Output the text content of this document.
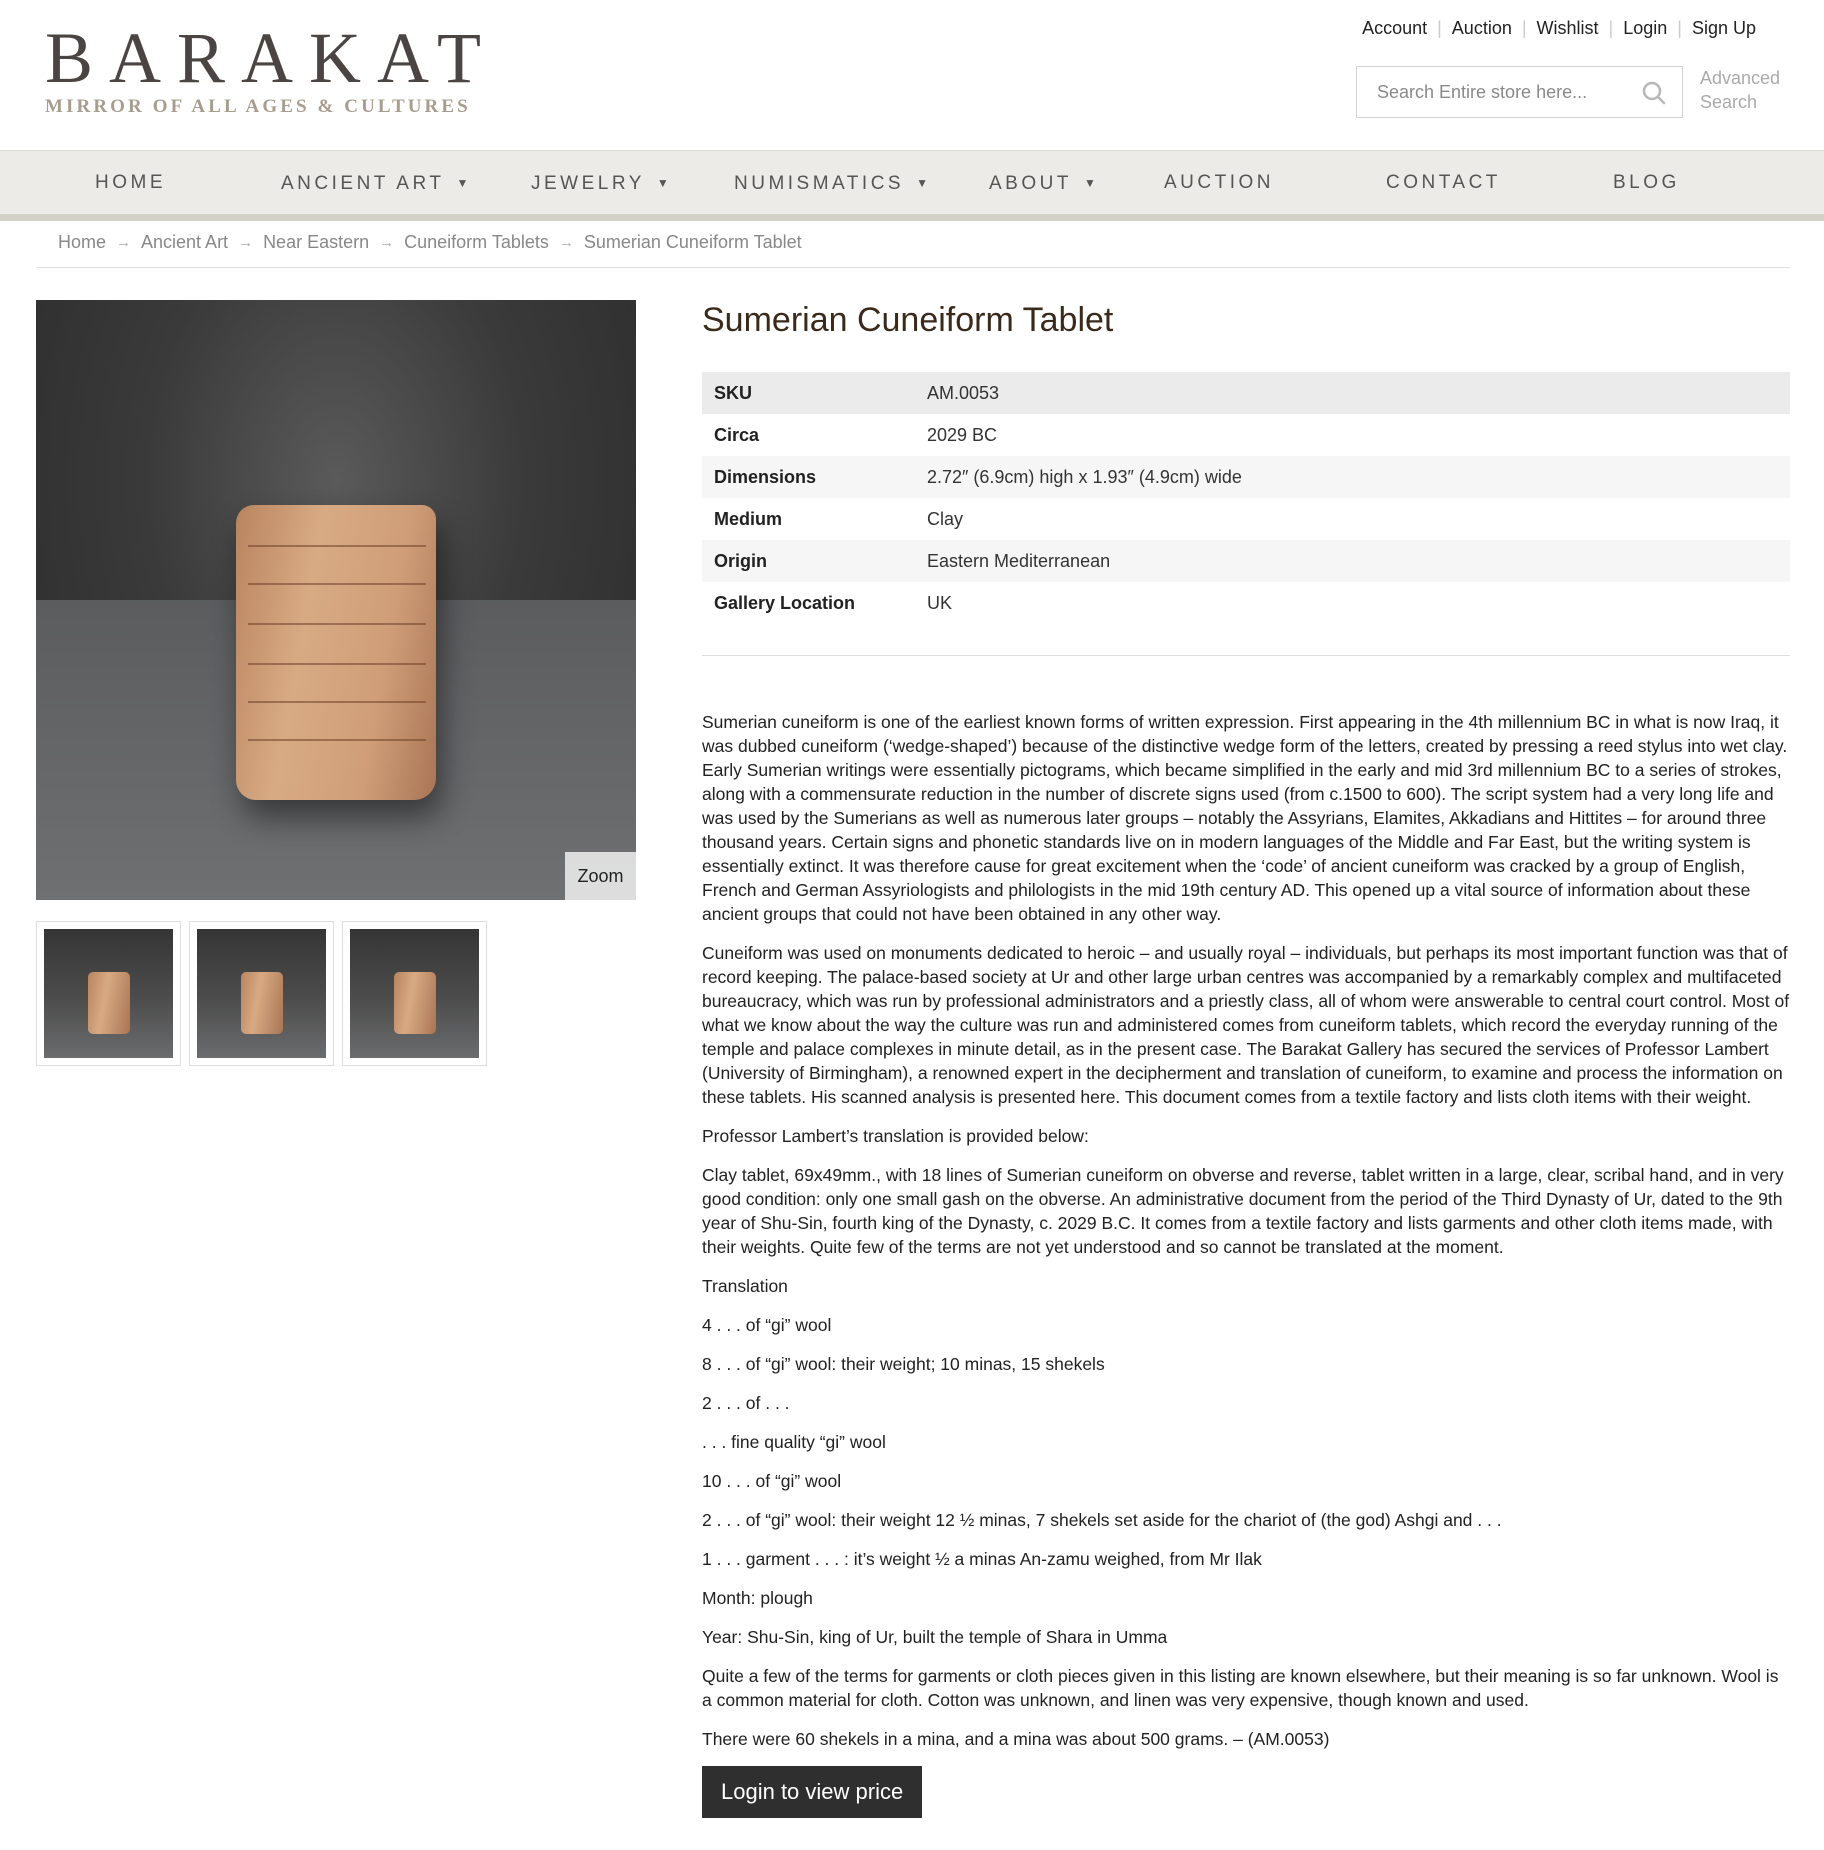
BARAKAT
MIRROR OF ALL AGES & CULTURES
Account | Auction | Wishlist | Login | Sign Up
Search Entire store here...
Advanced
Search
HOME	ANCIENT ART ▼	JEWELRY ▼	NUMISMATICS ▼	ABOUT ▼	AUCTION	CONTACT	BLOG
Home → Ancient Art → Near Eastern → Cuneiform Tablets → Sumerian Cuneiform Tablet
Zoom
Sumerian Cuneiform Tablet
SKU	AM.0053
Circa	2029 BC
Dimensions	2.72″ (6.9cm) high x 1.93″ (4.9cm) wide
Medium	Clay
Origin	Eastern Mediterranean
Gallery Location	UK

Sumerian cuneiform is one of the earliest known forms of written expression. First appearing in the 4th millennium BC in what is now Iraq, it was dubbed cuneiform (‘wedge-shaped’) because of the distinctive wedge form of the letters, created by pressing a reed stylus into wet clay. Early Sumerian writings were essentially pictograms, which became simplified in the early and mid 3rd millennium BC to a series of strokes, along with a commensurate reduction in the number of discrete signs used (from c.1500 to 600). The script system had a very long life and was used by the Sumerians as well as numerous later groups – notably the Assyrians, Elamites, Akkadians and Hittites – for around three thousand years. Certain signs and phonetic standards live on in modern languages of the Middle and Far East, but the writing system is essentially extinct. It was therefore cause for great excitement when the ‘code’ of ancient cuneiform was cracked by a group of English, French and German Assyriologists and philologists in the mid 19th century AD. This opened up a vital source of information about these ancient groups that could not have been obtained in any other way.

Cuneiform was used on monuments dedicated to heroic – and usually royal – individuals, but perhaps its most important function was that of record keeping. The palace-based society at Ur and other large urban centres was accompanied by a remarkably complex and multifaceted bureaucracy, which was run by professional administrators and a priestly class, all of whom were answerable to central court control. Most of what we know about the way the culture was run and administered comes from cuneiform tablets, which record the everyday running of the temple and palace complexes in minute detail, as in the present case. The Barakat Gallery has secured the services of Professor Lambert (University of Birmingham), a renowned expert in the decipherment and translation of cuneiform, to examine and process the information on these tablets. His scanned analysis is presented here. This document comes from a textile factory and lists cloth items with their weight.

Professor Lambert’s translation is provided below:

Clay tablet, 69x49mm., with 18 lines of Sumerian cuneiform on obverse and reverse, tablet written in a large, clear, scribal hand, and in very good condition: only one small gash on the obverse. An administrative document from the period of the Third Dynasty of Ur, dated to the 9th year of Shu-Sin, fourth king of the Dynasty, c. 2029 B.C. It comes from a textile factory and lists garments and other cloth items made, with their weights. Quite few of the terms are not yet understood and so cannot be translated at the moment.

Translation

4 . . . of “gi” wool

8 . . . of “gi” wool: their weight; 10 minas, 15 shekels

2 . . . of . . .

. . . fine quality “gi” wool

10 . . . of “gi” wool

2 . . . of “gi” wool: their weight 12 ½ minas, 7 shekels set aside for the chariot of (the god) Ashgi and . . .

1 . . . garment . . . : it’s weight ½ a minas An-zamu weighed, from Mr Ilak

Month: plough

Year: Shu-Sin, king of Ur, built the temple of Shara in Umma

Quite a few of the terms for garments or cloth pieces given in this listing are known elsewhere, but their meaning is so far unknown. Wool is a common material for cloth. Cotton was unknown, and linen was very expensive, though known and used.

There were 60 shekels in a mina, and a mina was about 500 grams. – (AM.0053)

Login to view price
